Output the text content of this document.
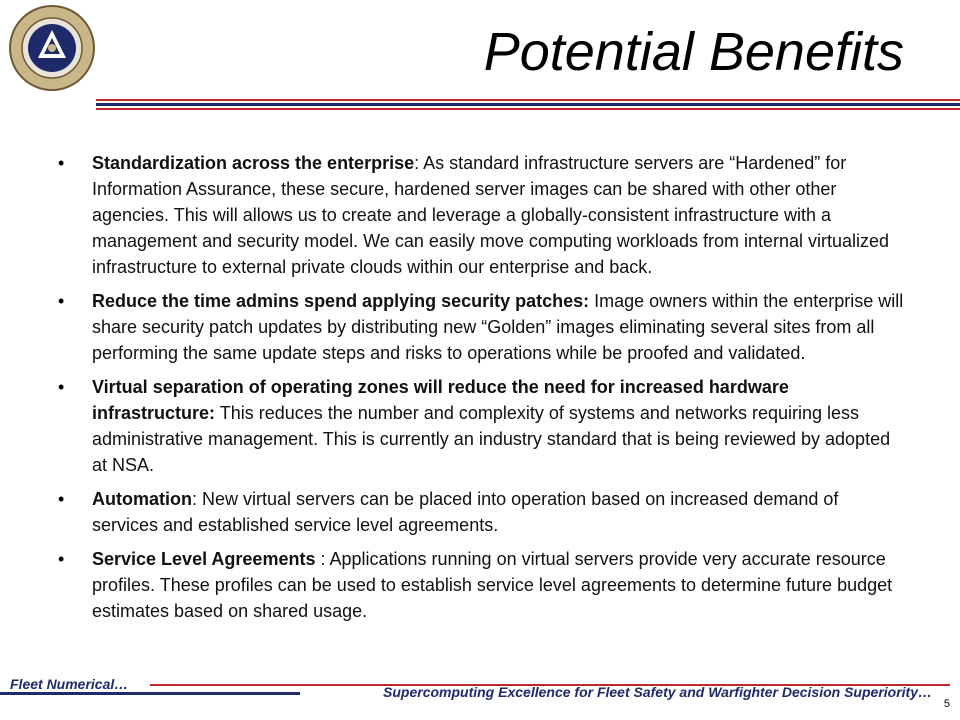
Potential Benefits
•	Standardization across the enterprise: As standard infrastructure servers are “Hardened” for Information Assurance, these secure, hardened server images can be shared with other other agencies. This will allows us to create and leverage a globally-consistent infrastructure with a management and security model. We can easily move computing workloads from internal virtualized infrastructure to external private clouds within our enterprise and back.
•	Reduce the time admins spend applying security patches: Image owners within the enterprise will share security patch updates by distributing new “Golden” images eliminating several sites from all performing the same update steps and risks to operations while be proofed and validated.
•	Virtual separation of operating zones will reduce the need for increased hardware infrastructure: This reduces the number and complexity of systems and networks requiring less administrative management. This is currently an industry standard that is being reviewed by adopted at NSA.
•	Automation: New virtual servers can be placed into operation based on increased demand of services and established service level agreements.
•	Service Level Agreements : Applications running on virtual servers provide very accurate resource profiles. These profiles can be used to establish service level agreements to determine future budget estimates based on shared usage.
Fleet Numerical…	Supercomputing Excellence for Fleet Safety and Warfighter Decision Superiority…
5
